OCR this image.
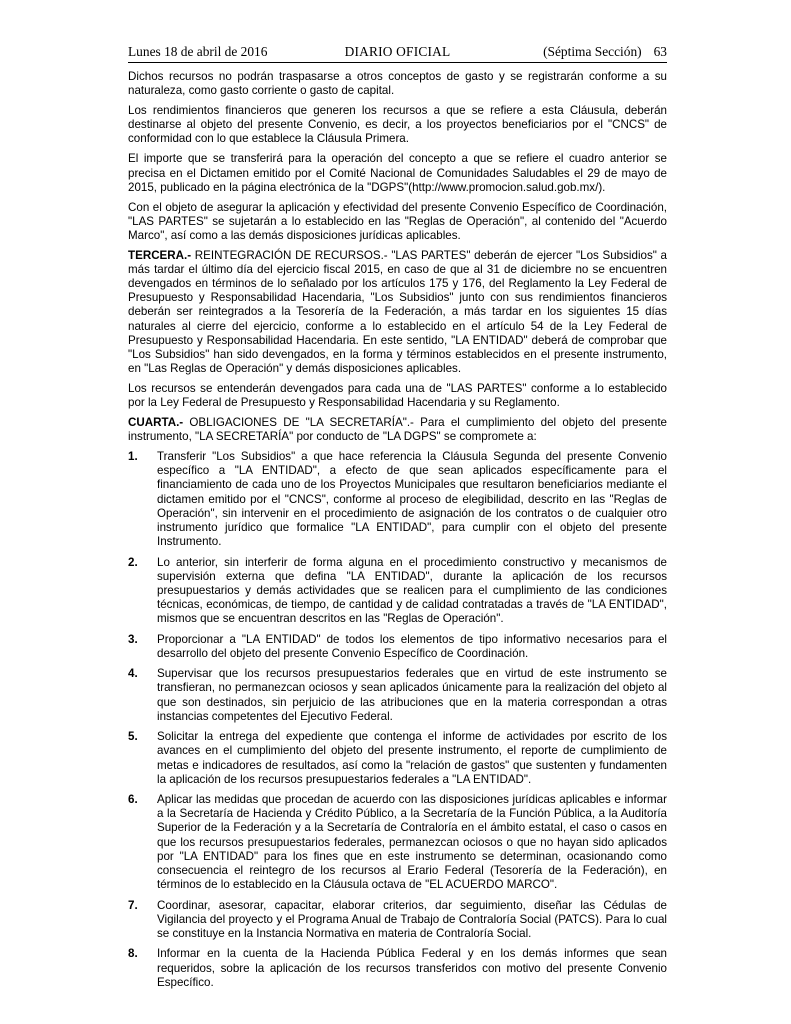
Lunes 18 de abril de 2016	DIARIO OFICIAL	(Séptima Sección) 63

Dichos recursos no podrán traspasarse a otros conceptos de gasto y se registrarán conforme a su naturaleza, como gasto corriente o gasto de capital.

Los rendimientos financieros que generen los recursos a que se refiere a esta Cláusula, deberán destinarse al objeto del presente Convenio, es decir, a los proyectos beneficiarios por el "CNCS" de conformidad con lo que establece la Cláusula Primera.

El importe que se transferirá para la operación del concepto a que se refiere el cuadro anterior se precisa en el Dictamen emitido por el Comité Nacional de Comunidades Saludables el 29 de mayo de 2015, publicado en la página electrónica de la "DGPS"(http://www.promocion.salud.gob.mx/).

Con el objeto de asegurar la aplicación y efectividad del presente Convenio Específico de Coordinación, "LAS PARTES" se sujetarán a lo establecido en las "Reglas de Operación", al contenido del "Acuerdo Marco", así como a las demás disposiciones jurídicas aplicables.

TERCERA.- REINTEGRACIÓN DE RECURSOS.- "LAS PARTES" deberán de ejercer "Los Subsidios" a más tardar el último día del ejercicio fiscal 2015, en caso de que al 31 de diciembre no se encuentren devengados en términos de lo señalado por los artículos 175 y 176, del Reglamento la Ley Federal de Presupuesto y Responsabilidad Hacendaria, "Los Subsidios" junto con sus rendimientos financieros deberán ser reintegrados a la Tesorería de la Federación, a más tardar en los siguientes 15 días naturales al cierre del ejercicio, conforme a lo establecido en el artículo 54 de la Ley Federal de Presupuesto y Responsabilidad Hacendaria. En este sentido, "LA ENTIDAD" deberá de comprobar que "Los Subsidios" han sido devengados, en la forma y términos establecidos en el presente instrumento, en "Las Reglas de Operación" y demás disposiciones aplicables.

Los recursos se entenderán devengados para cada una de "LAS PARTES" conforme a lo establecido por la Ley Federal de Presupuesto y Responsabilidad Hacendaria y su Reglamento.

CUARTA.- OBLIGACIONES DE "LA SECRETARÍA".- Para el cumplimiento del objeto del presente instrumento, "LA SECRETARÍA" por conducto de "LA DGPS" se compromete a:

1. Transferir "Los Subsidios" a que hace referencia la Cláusula Segunda del presente Convenio específico a "LA ENTIDAD", a efecto de que sean aplicados específicamente para el financiamiento de cada uno de los Proyectos Municipales que resultaron beneficiarios mediante el dictamen emitido por el "CNCS", conforme al proceso de elegibilidad, descrito en las "Reglas de Operación", sin intervenir en el procedimiento de asignación de los contratos o de cualquier otro instrumento jurídico que formalice "LA ENTIDAD", para cumplir con el objeto del presente Instrumento.
2. Lo anterior, sin interferir de forma alguna en el procedimiento constructivo y mecanismos de supervisión externa que defina "LA ENTIDAD", durante la aplicación de los recursos presupuestarios y demás actividades que se realicen para el cumplimiento de las condiciones técnicas, económicas, de tiempo, de cantidad y de calidad contratadas a través de "LA ENTIDAD", mismos que se encuentran descritos en las "Reglas de Operación".
3. Proporcionar a "LA ENTIDAD" de todos los elementos de tipo informativo necesarios para el desarrollo del objeto del presente Convenio Específico de Coordinación.
4. Supervisar que los recursos presupuestarios federales que en virtud de este instrumento se transfieran, no permanezcan ociosos y sean aplicados únicamente para la realización del objeto al que son destinados, sin perjuicio de las atribuciones que en la materia correspondan a otras instancias competentes del Ejecutivo Federal.
5. Solicitar la entrega del expediente que contenga el informe de actividades por escrito de los avances en el cumplimiento del objeto del presente instrumento, el reporte de cumplimiento de metas e indicadores de resultados, así como la "relación de gastos" que sustenten y fundamenten la aplicación de los recursos presupuestarios federales a "LA ENTIDAD".
6. Aplicar las medidas que procedan de acuerdo con las disposiciones jurídicas aplicables e informar a la Secretaría de Hacienda y Crédito Público, a la Secretaría de la Función Pública, a la Auditoría Superior de la Federación y a la Secretaría de Contraloría en el ámbito estatal, el caso o casos en que los recursos presupuestarios federales, permanezcan ociosos o que no hayan sido aplicados por "LA ENTIDAD" para los fines que en este instrumento se determinan, ocasionando como consecuencia el reintegro de los recursos al Erario Federal (Tesorería de la Federación), en términos de lo establecido en la Cláusula octava de "EL ACUERDO MARCO".
7. Coordinar, asesorar, capacitar, elaborar criterios, dar seguimiento, diseñar las Cédulas de Vigilancia del proyecto y el Programa Anual de Trabajo de Contraloría Social (PATCS). Para lo cual se constituye en la Instancia Normativa en materia de Contraloría Social.
8. Informar en la cuenta de la Hacienda Pública Federal y en los demás informes que sean requeridos, sobre la aplicación de los recursos transferidos con motivo del presente Convenio Específico.
